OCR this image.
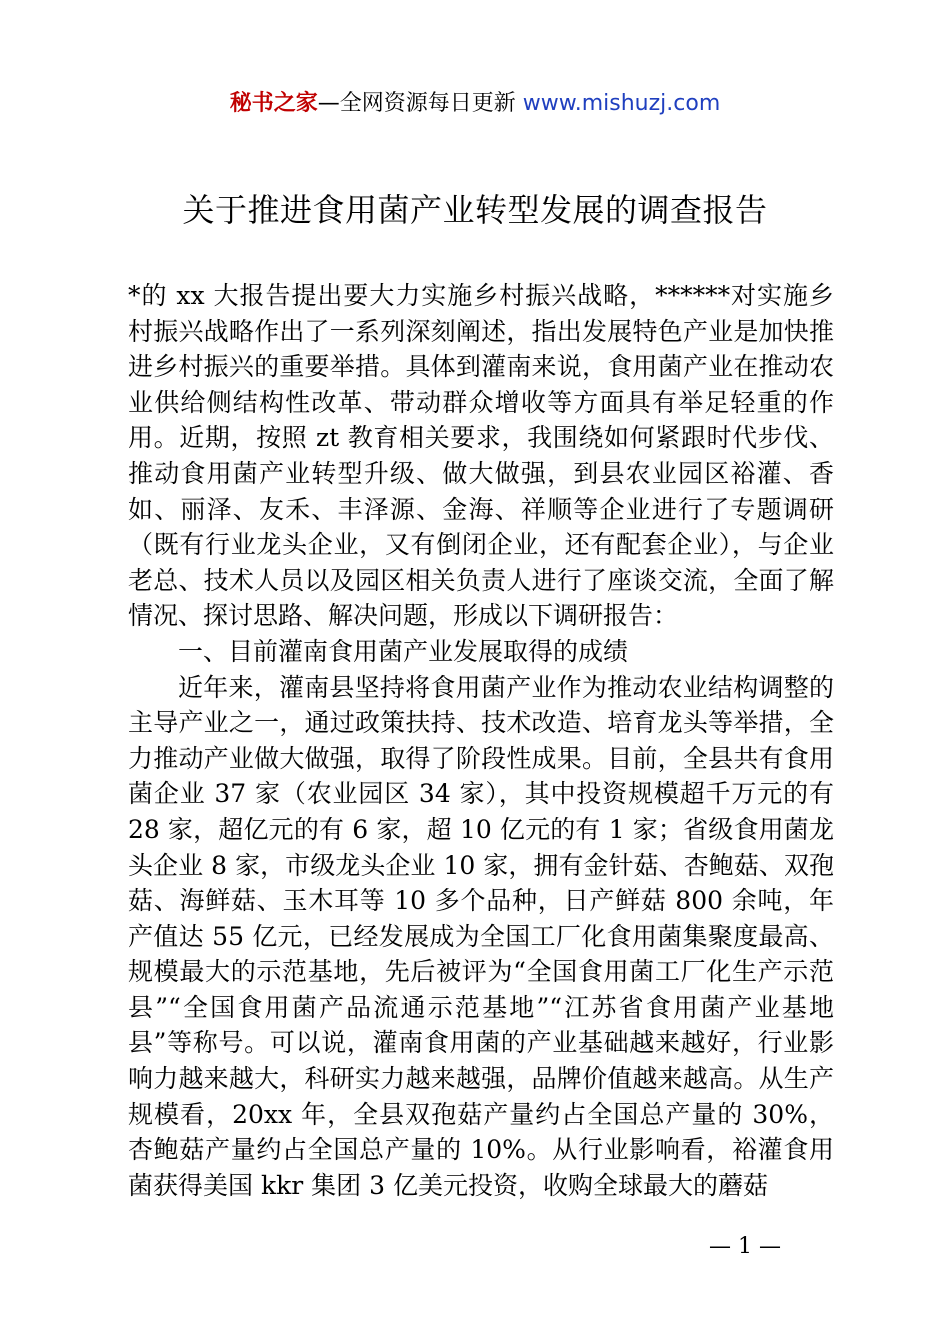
秘书之家—全网资源每日更新 www.mishuzj.com
关于推进食用菌产业转型发展的调查报告

*的 xx 大报告提出要大力实施乡村振兴战略，******对实施乡村振兴战略作出了一系列深刻阐述，指出发展特色产业是加快推进乡村振兴的重要举措。具体到灌南来说，食用菌产业在推动农业供给侧结构性改革、带动群众增收等方面具有举足轻重的作用。近期，按照 zt 教育相关要求，我围绕如何紧跟时代步伐、推动食用菌产业转型升级、做大做强，到县农业园区裕灌、香如、丽泽、友禾、丰泽源、金海、祥顺等企业进行了专题调研（既有行业龙头企业，又有倒闭企业，还有配套企业），与企业老总、技术人员以及园区相关负责人进行了座谈交流，全面了解情况、探讨思路、解决问题，形成以下调研报告：

一、目前灌南食用菌产业发展取得的成绩

近年来，灌南县坚持将食用菌产业作为推动农业结构调整的主导产业之一，通过政策扶持、技术改造、培育龙头等举措，全力推动产业做大做强，取得了阶段性成果。目前，全县共有食用菌企业 37 家（农业园区 34 家），其中投资规模超千万元的有 28 家，超亿元的有 6 家，超 10 亿元的有 1 家；省级食用菌龙头企业 8 家，市级龙头企业 10 家，拥有金针菇、杏鲍菇、双孢菇、海鲜菇、玉木耳等 10 多个品种，日产鲜菇 800 余吨，年产值达 55 亿元，已经发展成为全国工厂化食用菌集聚度最高、规模最大的示范基地，先后被评为“全国食用菌工厂化生产示范县”“全国食用菌产品流通示范基地”“江苏省食用菌产业基地县”等称号。可以说，灌南食用菌的产业基础越来越好，行业影响力越来越大，科研实力越来越强，品牌价值越来越高。从生产规模看，20xx 年，全县双孢菇产量约占全国总产量的 30%，杏鲍菇产量约占全国总产量的 10%。从行业影响看，裕灌食用菌获得美国 kkr 集团 3 亿美元投资，收购全球最大的蘑菇

— 1 —
